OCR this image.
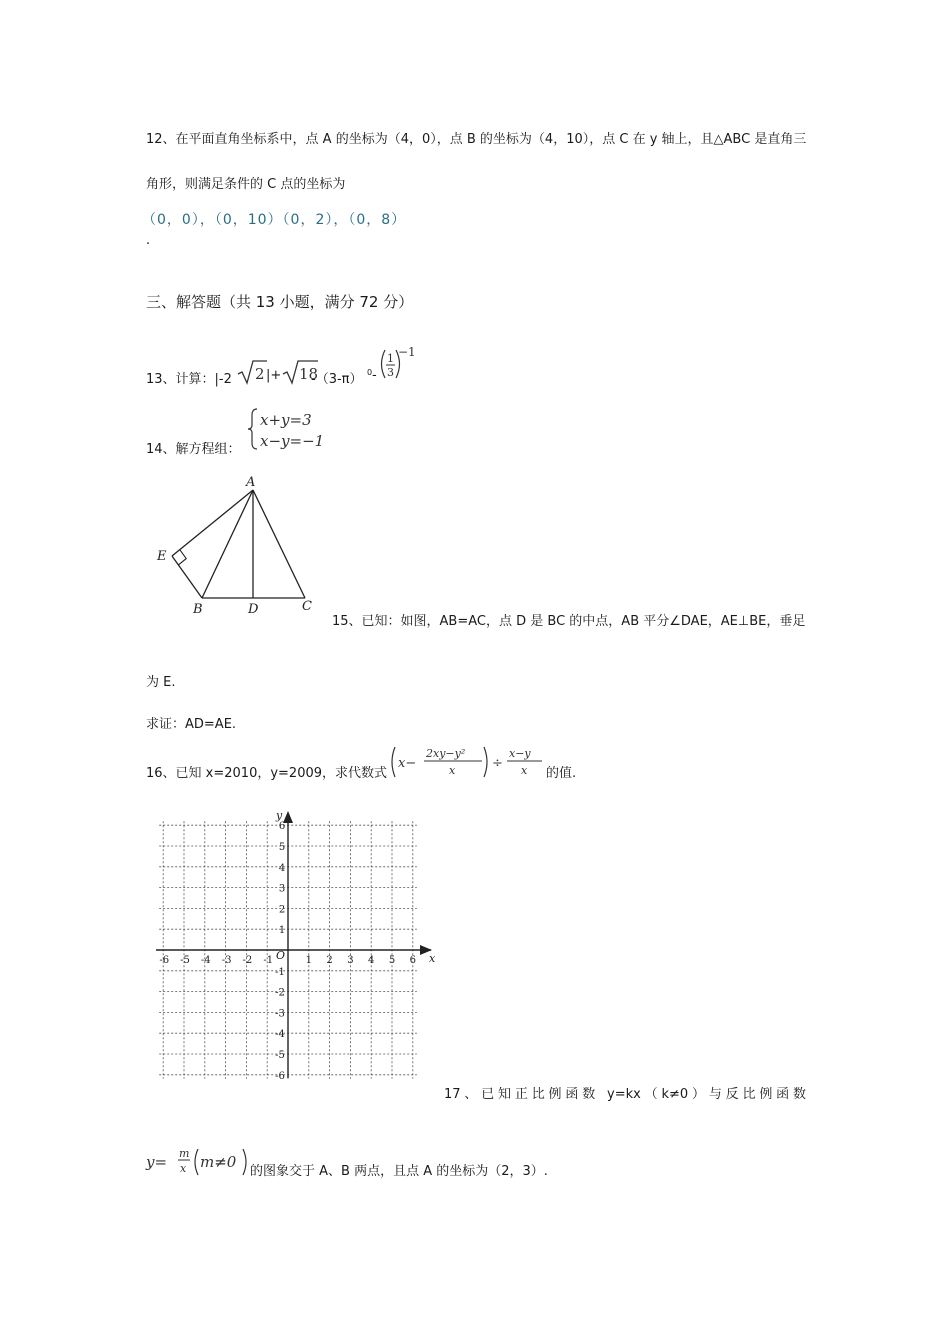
12、在平面直角坐标系中，点 A 的坐标为（4，0），点 B 的坐标为（4，10），点 C 在 y 轴上，且△ABC 是直角三
角形，则满足条件的 C 点的坐标为
（0，0），（0，10）（0，2），（0，8）
.
三、解答题（共 13 小题，满分 72 分）
13、计算：|-2 2 |+ 18
-（3-π） 0 -
1
3
−1
14、解方程组：
x+y=3
x−y=−1
A
E
B	D	C
15、已知：如图，AB=AC，点 D 是 BC 的中点，AB 平分∠DAE，AE⊥BE，垂足
为 E.
求证：AD=AE.
16、已知 x=2010，y=2009，求代数式
x−
2xy−y²
x	÷
x−y
x 的值.
y
x
O
-6 -5 -4 -3 -2 -1	1 2 3 4 5 6
6
5
4
3
2
1
-1
-2
-3
-4
-5
-6
17、已知正比例函数 y=kx（k≠0）与反比例函数
y= m
x m≠0
的图象交于 A、B 两点，且点 A 的坐标为（2，3）.
